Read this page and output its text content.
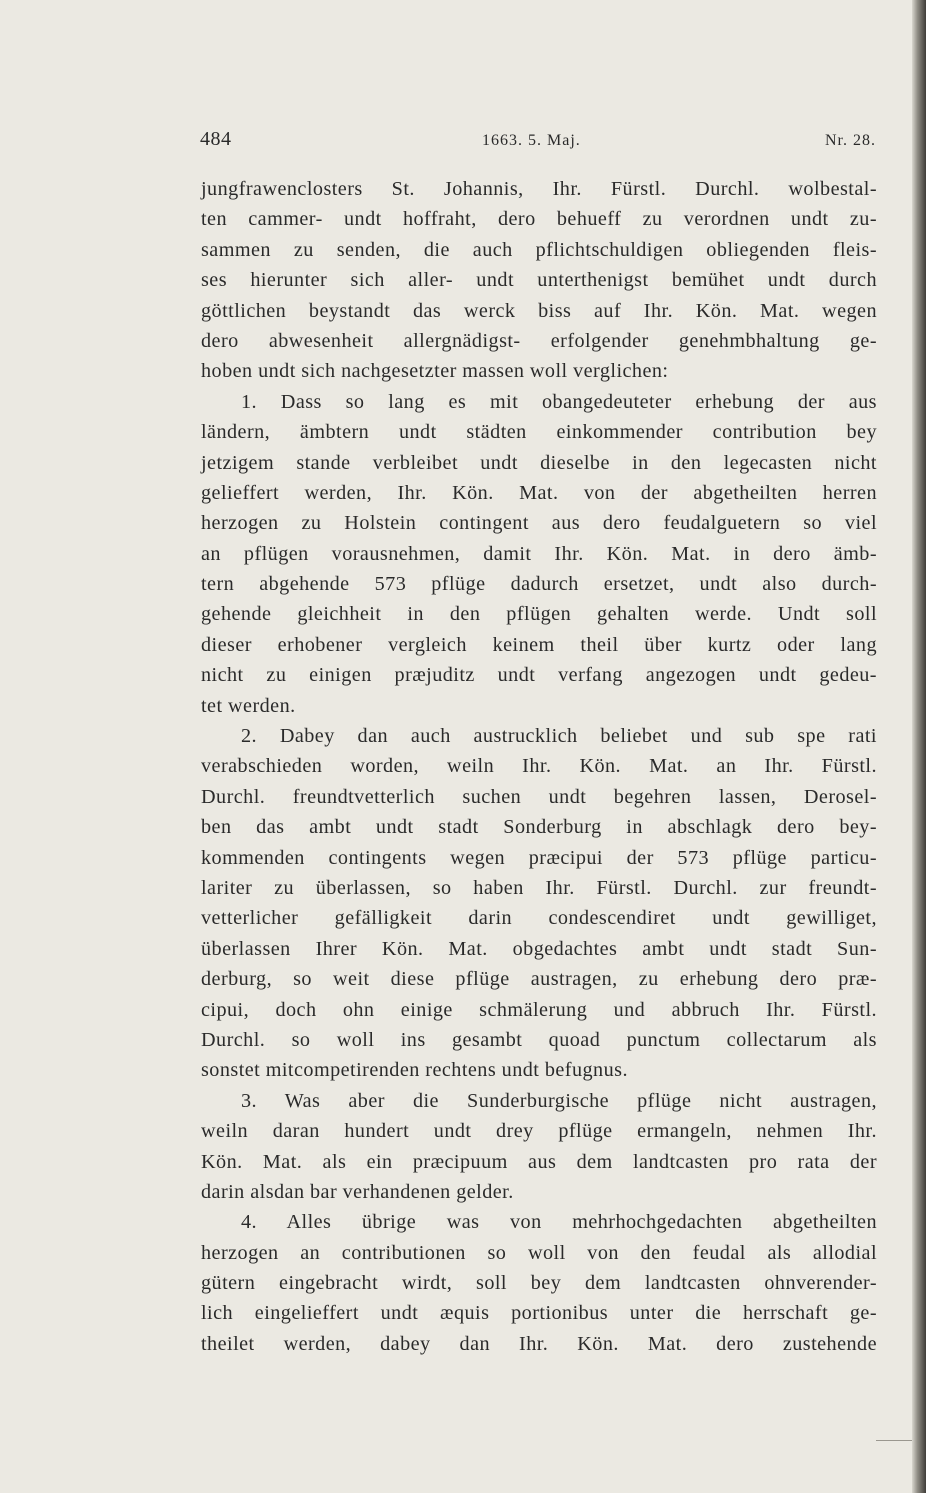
484	1663. 5. Maj.	Nr. 28.
jungfrawenclosters St. Johannis, Ihr. Fürstl. Durchl. wolbestal-
ten cammer- undt hoffraht, dero behueff zu verordnen undt zu-
sammen zu senden, die auch pflichtschuldigen obliegenden fleis-
ses hierunter sich aller- undt unterthenigst bemühet undt durch
göttlichen beystandt das werck biss auf Ihr. Kön. Mat. wegen
dero abwesenheit allergnädigst- erfolgender genehmbhaltung ge-
hoben undt sich nachgesetzter massen woll verglichen:
1. Dass so lang es mit obangedeuteter erhebung der aus
ländern, ämbtern undt städten einkommender contribution bey
jetzigem stande verbleibet undt dieselbe in den legecasten nicht
gelieffert werden, Ihr. Kön. Mat. von der abgetheilten herren
herzogen zu Holstein contingent aus dero feudalguetern so viel
an pflügen vorausnehmen, damit Ihr. Kön. Mat. in dero ämb-
tern abgehende 573 pflüge dadurch ersetzet, undt also durch-
gehende gleichheit in den pflügen gehalten werde. Undt soll
dieser erhobener vergleich keinem theil über kurtz oder lang
nicht zu einigen præjuditz undt verfang angezogen undt gedeu-
tet werden.
2. Dabey dan auch austrucklich beliebet und sub spe rati
verabschieden worden, weiln Ihr. Kön. Mat. an Ihr. Fürstl.
Durchl. freundtvetterlich suchen undt begehren lassen, Derosel-
ben das ambt undt stadt Sonderburg in abschlagk dero bey-
kommenden contingents wegen præcipui der 573 pflüge particu-
lariter zu überlassen, so haben Ihr. Fürstl. Durchl. zur freundt-
vetterlicher gefälligkeit darin condescendiret undt gewilliget,
überlassen Ihrer Kön. Mat. obgedachtes ambt undt stadt Sun-
derburg, so weit diese pflüge austragen, zu erhebung dero præ-
cipui, doch ohn einige schmälerung und abbruch Ihr. Fürstl.
Durchl. so woll ins gesambt quoad punctum collectarum als
sonstet mitcompetirenden rechtens undt befugnus.
3. Was aber die Sunderburgische pflüge nicht austragen,
weiln daran hundert undt drey pflüge ermangeln, nehmen Ihr.
Kön. Mat. als ein præcipuum aus dem landtcasten pro rata der
darin alsdan bar verhandenen gelder.
4. Alles übrige was von mehrhochgedachten abgetheilten
herzogen an contributionen so woll von den feudal als allodial
gütern eingebracht wirdt, soll bey dem landtcasten ohnverender-
lich eingelieffert undt æquis portionibus unter die herrschaft ge-
theilet werden, dabey dan Ihr. Kön. Mat. dero zustehende
